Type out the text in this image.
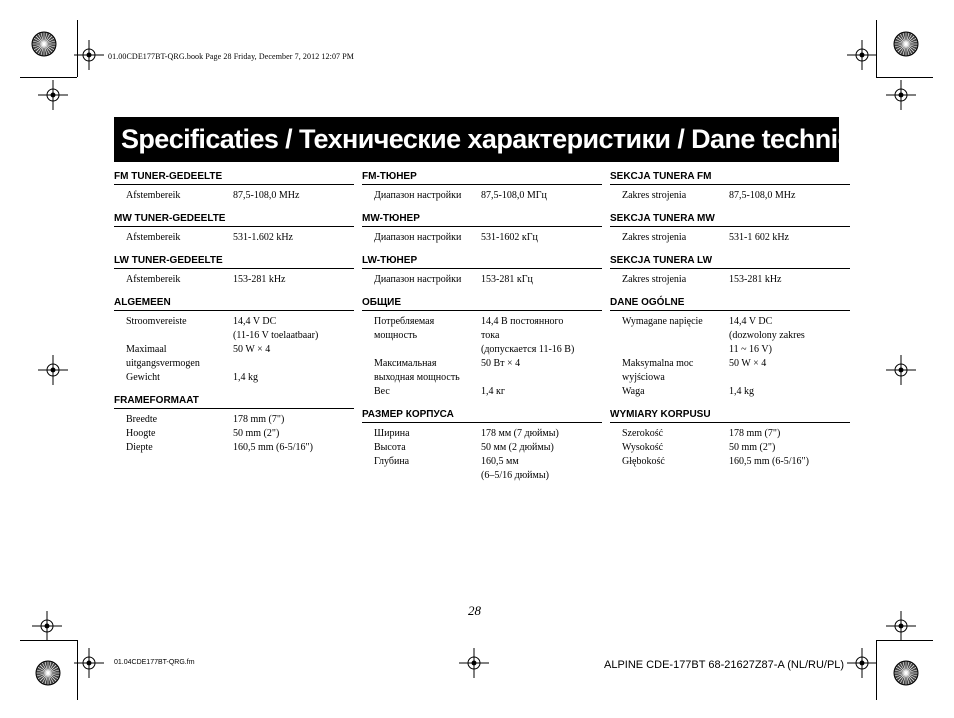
01.00CDE177BT-QRG.book Page 28 Friday, December 7, 2012 12:07 PM
Specificaties / Технические характеристики / Dane techniczne
FM TUNER-GEDEELTE
Afstembereik	87,5-108,0 MHz
MW TUNER-GEDEELTE
Afstembereik	531-1.602 kHz
LW TUNER-GEDEELTE
Afstembereik	153-281 kHz
ALGEMEEN
Stroomvereiste	14,4 V DC
(11-16 V toelaatbaar)
Maximaal	50 W × 4
uitgangsvermogen
Gewicht	1,4 kg
FRAMEFORMAAT
Breedte	178 mm (7")
Hoogte	50 mm (2")
Diepte	160,5 mm (6-5/16")
FM-ТЮНЕР
Диапазон настройки	87,5-108,0 МГц
MW-ТЮНЕР
Диапазон настройки	531-1602 кГц
LW-ТЮНЕР
Диапазон настройки	153-281 кГц
ОБЩИЕ
Потребляемая	14,4 В постоянного
мощность	тока
(допускается 11-16 В)
Максимальная	50 Вт × 4
выходная мощность
Вес	1,4 кг
РАЗМЕР КОРПУСА
Ширина	178 мм (7 дюймы)
Высота	50 мм (2 дюймы)
Глубина	160,5 мм
(6–5/16 дюймы)
SEKCJA TUNERA FM
Zakres strojenia	87,5-108,0 MHz
SEKCJA TUNERA MW
Zakres strojenia	531-1 602 kHz
SEKCJA TUNERA LW
Zakres strojenia	153-281 kHz
DANE OGÓLNE
Wymagane napięcie	14,4 V DC
(dozwolony zakres
11 ~ 16 V)
Maksymalna moc	50 W × 4
wyjściowa
Waga	1,4 kg
WYMIARY KORPUSU
Szerokość	178 mm (7")
Wysokość	50 mm (2")
Głębokość	160,5 mm (6-5/16")
28
01.04CDE177BT-QRG.fm	ALPINE CDE-177BT 68-21627Z87-A (NL/RU/PL)
